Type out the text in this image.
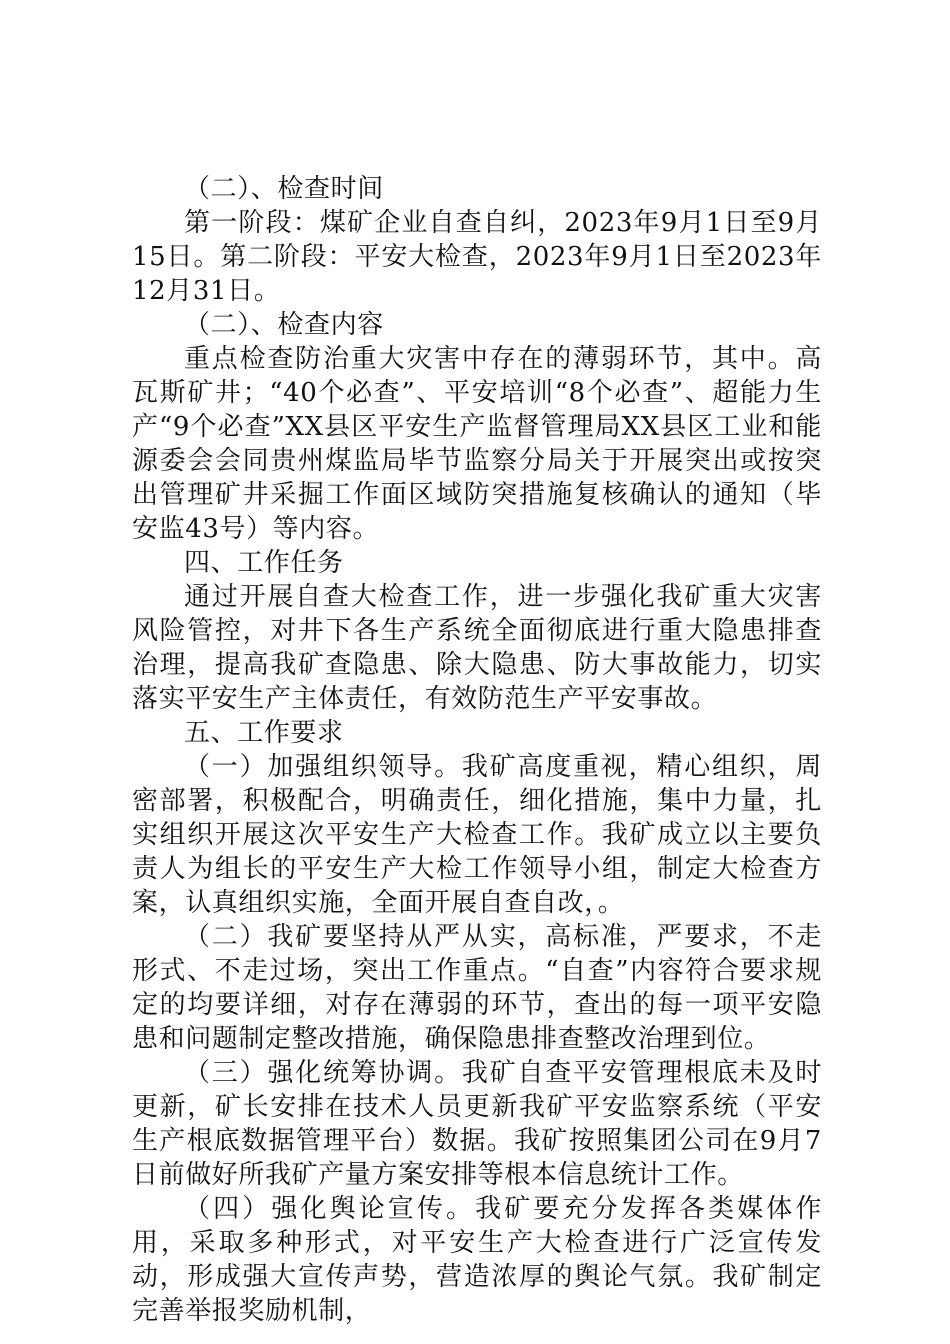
（二）、检查时间

第一阶段：煤矿企业自查自纠，2023年9月1日至9月15日。第二阶段：平安大检查，2023年9月1日至2023年12月31日。

（二）、检查内容

重点检查防治重大灾害中存在的薄弱环节，其中。高瓦斯矿井；“40个必查”、平安培训“8个必查”、超能力生产“9个必查”XX县区平安生产监督管理局XX县区工业和能源委会会同贵州煤监局毕节监察分局关于开展突出或按突出管理矿井采掘工作面区域防突措施复核确认的通知（毕安监43号）等内容。

四、工作任务

通过开展自查大检查工作，进一步强化我矿重大灾害风险管控，对井下各生产系统全面彻底进行重大隐患排查治理，提高我矿查隐患、除大隐患、防大事故能力，切实落实平安生产主体责任，有效防范生产平安事故。

五、工作要求

（一）加强组织领导。我矿高度重视，精心组织，周密部署，积极配合，明确责任，细化措施，集中力量，扎实组织开展这次平安生产大检查工作。我矿成立以主要负责人为组长的平安生产大检工作领导小组，制定大检查方案，认真组织实施，全面开展自查自改，。

（二）我矿要坚持从严从实，高标准，严要求，不走形式、不走过场，突出工作重点。“自查”内容符合要求规定的均要详细，对存在薄弱的环节，查出的每一项平安隐患和问题制定整改措施，确保隐患排查整改治理到位。

（三）强化统筹协调。我矿自查平安管理根底未及时更新，矿长安排在技术人员更新我矿平安监察系统（平安生产根底数据管理平台）数据。我矿按照集团公司在9月7日前做好所我矿产量方案安排等根本信息统计工作。

（四）强化舆论宣传。我矿要充分发挥各类媒体作用，采取多种形式，对平安生产大检查进行广泛宣传发动，形成强大宣传声势，营造浓厚的舆论气氛。我矿制定完善举报奖励机制，
